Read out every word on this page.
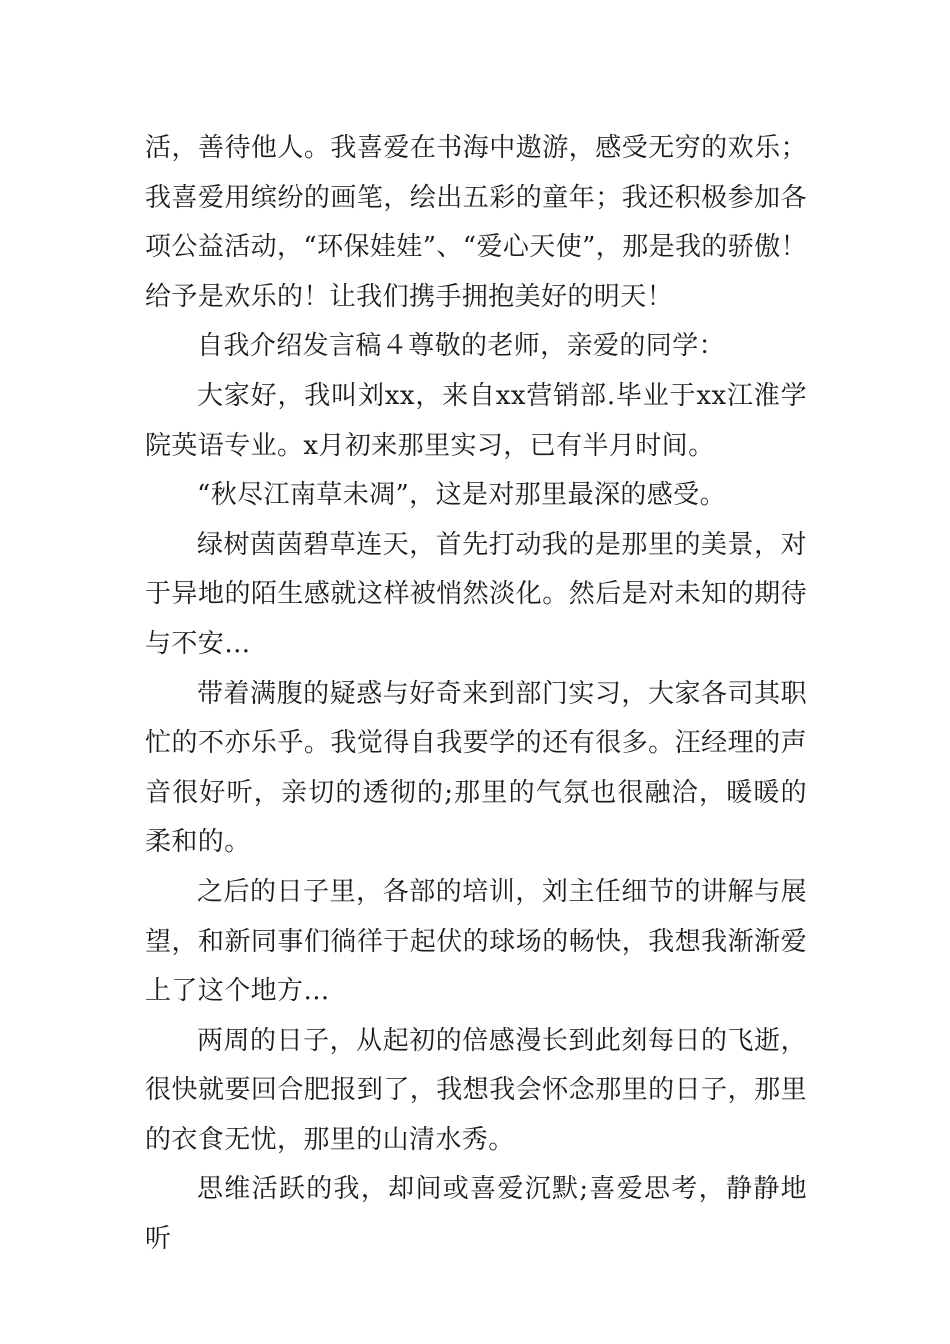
活，善待他人。我喜爱在书海中遨游，感受无穷的欢乐；我喜爱用缤纷的画笔，绘出五彩的童年；我还积极参加各项公益活动，“环保娃娃”、“爱心天使”，那是我的骄傲！给予是欢乐的！让我们携手拥抱美好的明天！

自我介绍发言稿４尊敬的老师，亲爱的同学：

大家好，我叫刘xx，来自xx营销部.毕业于xx江淮学院英语专业。x月初来那里实习，已有半月时间。

“秋尽江南草未凋”，这是对那里最深的感受。

绿树茵茵碧草连天，首先打动我的是那里的美景，对于异地的陌生感就这样被悄然淡化。然后是对未知的期待与不安…

带着满腹的疑惑与好奇来到部门实习，大家各司其职忙的不亦乐乎。我觉得自我要学的还有很多。汪经理的声音很好听，亲切的透彻的;那里的气氛也很融洽，暖暖的柔和的。

之后的日子里，各部的培训，刘主任细节的讲解与展望，和新同事们徜徉于起伏的球场的畅快，我想我渐渐爱上了这个地方…

两周的日子，从起初的倍感漫长到此刻每日的飞逝，很快就要回合肥报到了，我想我会怀念那里的日子，那里的衣食无忧，那里的山清水秀。

思维活跃的我，却间或喜爱沉默;喜爱思考，静静地听
